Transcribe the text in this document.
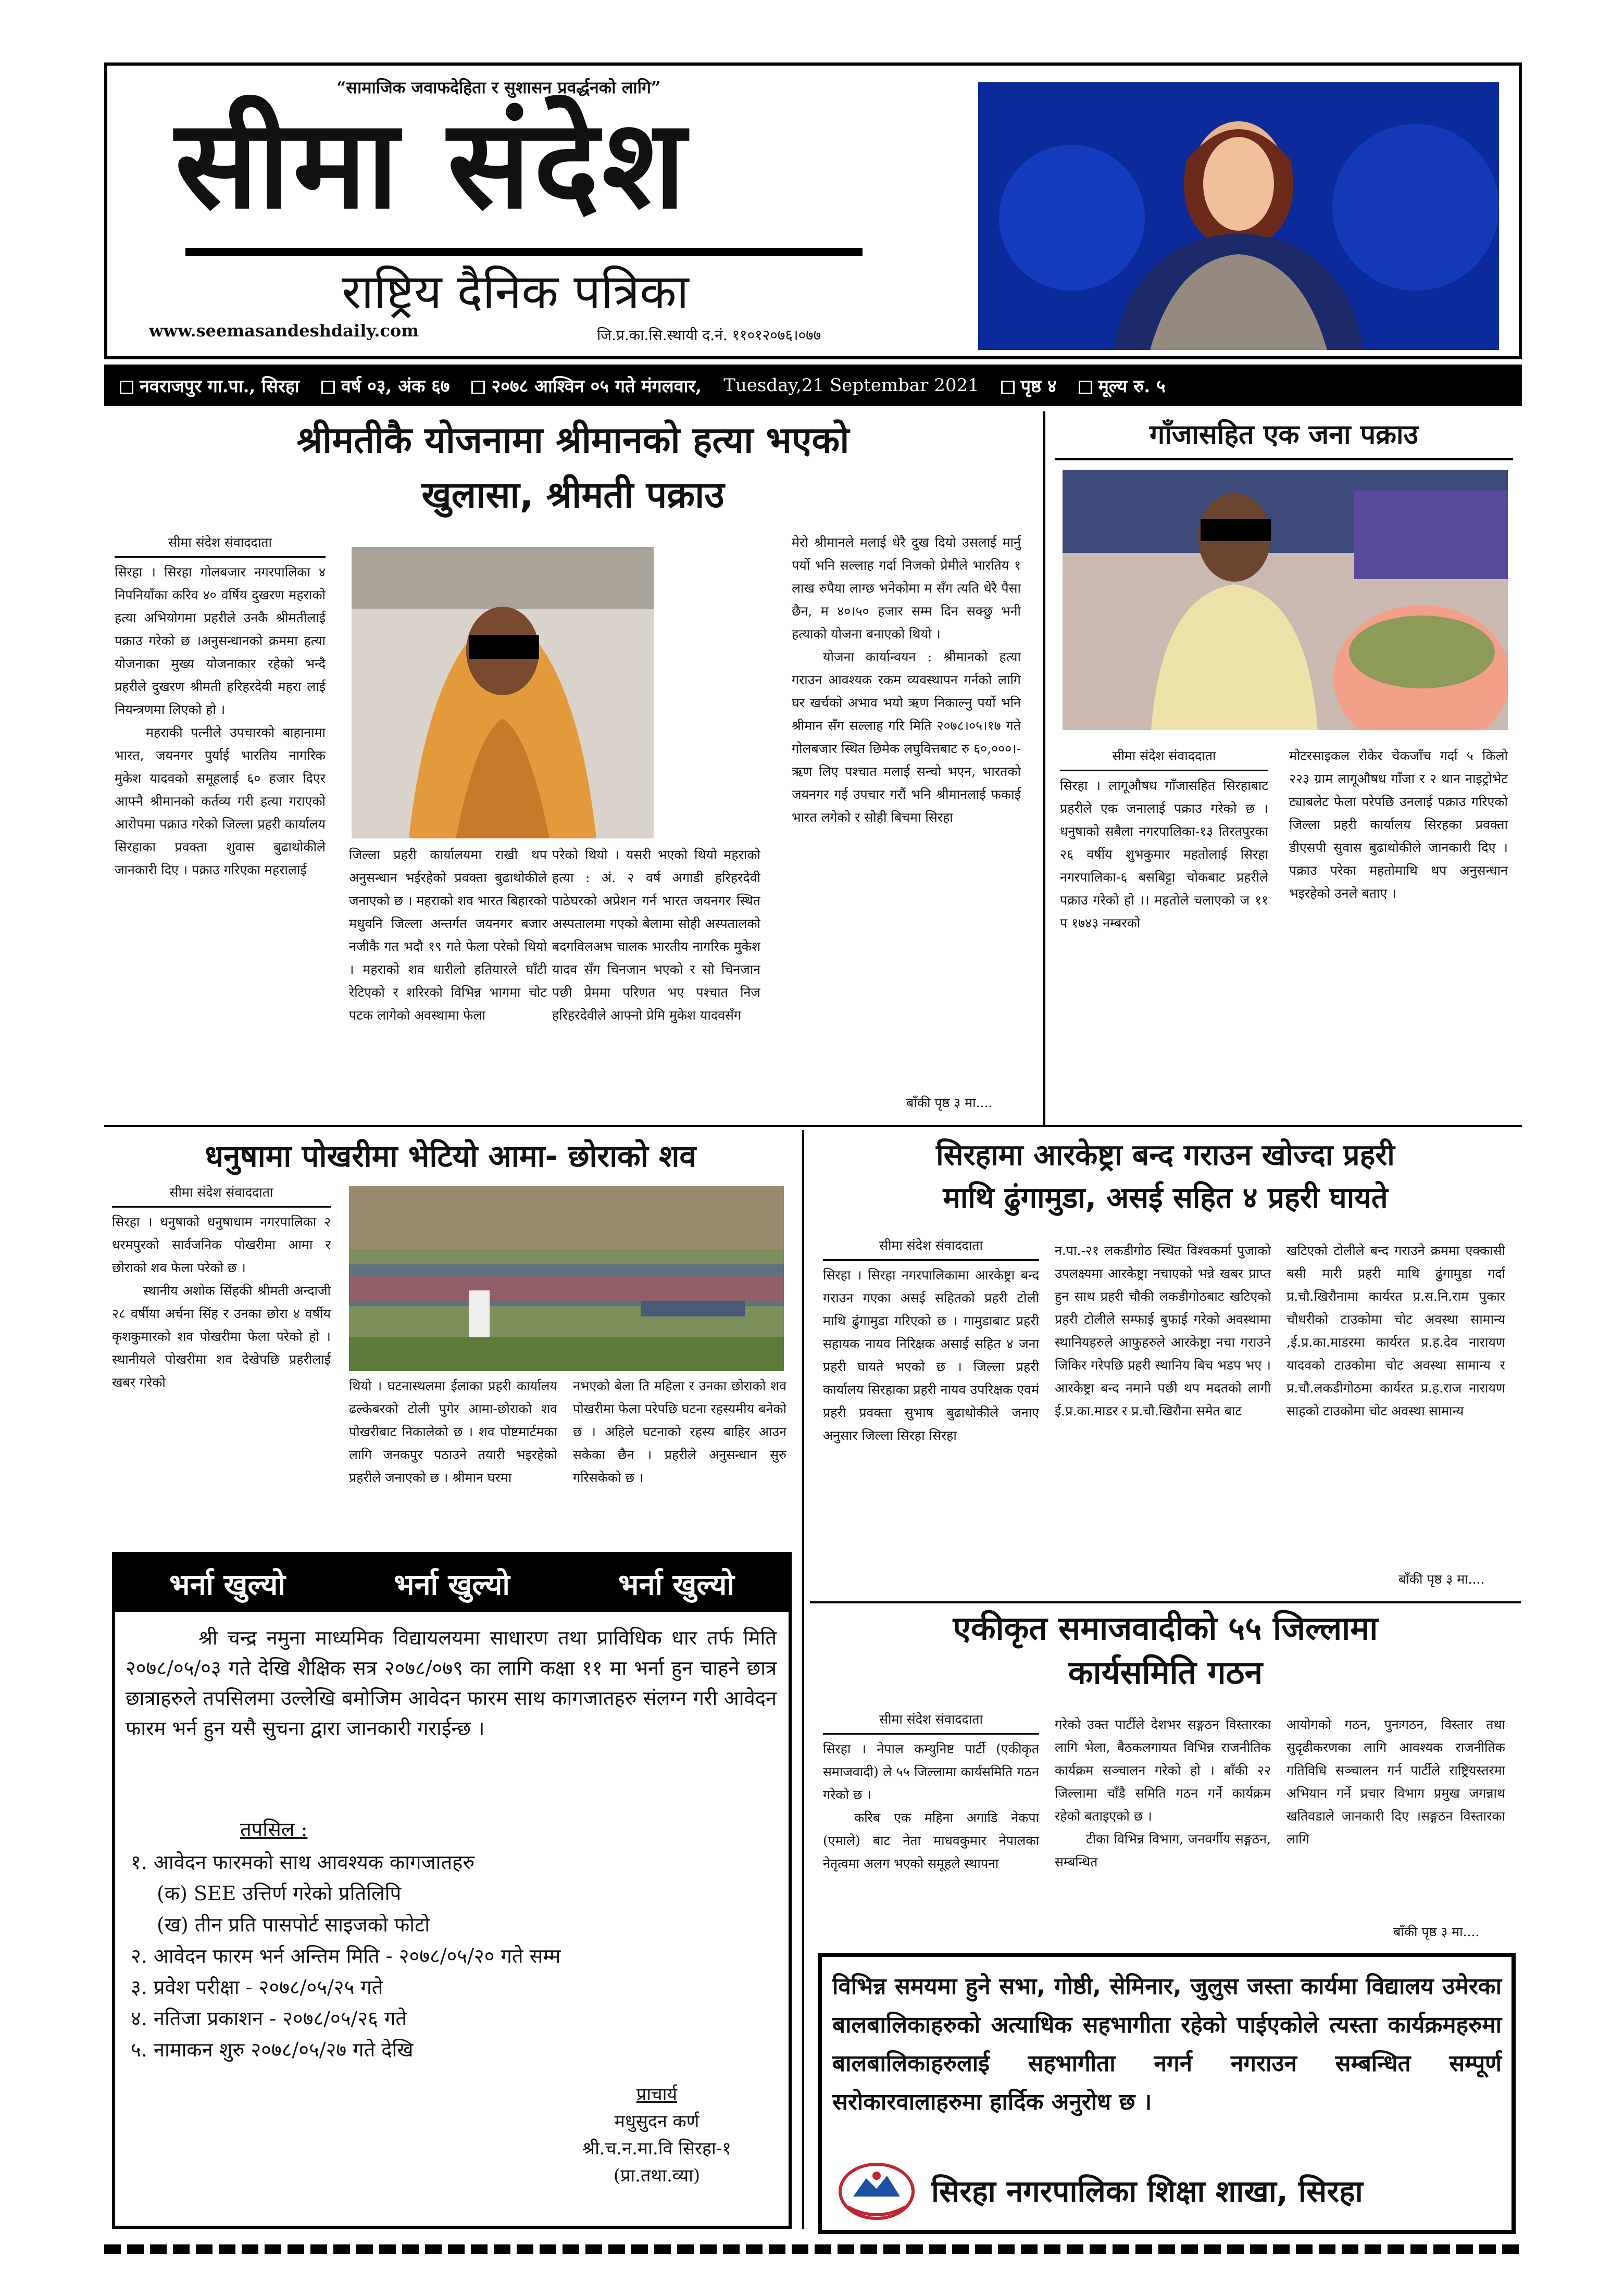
“सामाजिक जवाफदेहिता र सुशासन प्रवर्द्धनको लागि”
सीमा संदेश
राष्ट्रिय दैनिक पत्रिका
www.seemasandeshdaily.com	जि.प्र.का.सि.स्थायी द.नं. ११०१२०७६।०७७
नवराजपुर गा.पा., सिरहा	वर्ष ०३, अंक ६७	२०७८ आश्विन ०५ गते मंगलवार, Tuesday,21 Septembar 2021	पृष्ठ ४	मूल्य रु. ५
श्रीमतीकै योजनामा श्रीमानको हत्या भएको
खुलासा, श्रीमती पक्राउ
सीमा संदेश संवाददाता

सिरहा । सिरहा गोलबजार नगरपालिका ४ निपनियाँका करिव ४० वर्षिय दुखरण महराको हत्या अभियोगमा प्रहरीले उनकै श्रीमतीलाई पक्राउ गरेको छ ।अनुसन्धानको क्रममा हत्या योजनाका मुख्य योजनाकार रहेको भन्दै प्रहरीले दुखरण श्रीमती हरिहरदेवी महरा लाई नियन्त्रणमा लिएको हो ।

महराकी पत्नीले उपचारको बाहानामा भारत, जयनगर पुर्याई भारतिय नागरिक मुकेश यादवको समूहलाई ६० हजार दिएर आफ्नै श्रीमानको कर्तव्य गरी हत्या गराएको आरोपमा पक्राउ गरेको जिल्ला प्रहरी कार्यालय सिरहाका प्रवक्ता शुवास बुढाथोकीले जानकारी दिए । पक्राउ गरिएका महरालाई

जिल्ला प्रहरी कार्यालयमा राखी थप अनुसन्धान भईरहेको प्रवक्ता बुढाथोकीले जनाएको छ । महराको शव भारत बिहारको मधुवनि जिल्ला अन्तर्गत जयनगर बजार नजीकै गत भदौ १९ गते फेला परेको थियो । महराको शव धारीलो हतियारले घाँटी रेटिएको र शरिरको विभिन्न भागमा चोट पटक लागेको अवस्थामा फेला
परेको थियो । यसरी भएको थियो महराको हत्या : अं. २ वर्ष अगाडी हरिहरदेवी पाठेघरको अप्रेशन गर्न भारत जयनगर स्थित अस्पतालमा गएको बेलामा सोही अस्पतालको बदगविलअभ चालक भारतीय नागरिक मुकेश यादव सँग चिनजान भएको र सो चिनजान पछी प्रेममा परिणत भए पश्चात निज हरिहरदेवीले आफ्नो प्रेमि मुकेश यादवसँग

मेरो श्रीमानले मलाई धेरै दुख दियो उसलाई मार्नु पर्यो भनि सल्लाह गर्दा निजको प्रेमीले भारतिय १ लाख रुपैया लाग्छ भनेकोमा म सँग त्यति धेरै पैसा छैन, म ४०।५० हजार सम्म दिन सक्छु भनी हत्याको योजना बनाएको थियो ।

योजना कार्यान्वयन : श्रीमानको हत्या गराउन आवश्यक रकम व्यवस्थापन गर्नको लागि घर खर्चको अभाव भयो ऋण निकाल्नु पर्यो भनि श्रीमान सँग सल्लाह गरि मिति २०७८।०५।१७ गते गोलबजार स्थित छिमेक लघुवित्तबाट रु ६०,०००।- ऋण लिए पश्चात मलाई सन्चो भएन, भारतको जयनगर गई उपचार गरौं भनि श्रीमानलाई फकाई भारत लगेको र सोही बिचमा सिरहा

बाँकी पृष्ठ ३ मा....
गाँजासहित एक जना पक्राउ
सीमा संदेश संवाददाता

सिरहा । लागूऔषध गाँजासहित सिरहाबाट प्रहरीले एक जनालाई पक्राउ गरेको छ । धनुषाको सबैला नगरपालिका-१३ तिरतपुरका २६ वर्षीय शुभकुमार महतोलाई सिरहा नगरपालिका-६ बसबिट्टा चोकबाट प्रहरीले पक्राउ गरेको हो ।। महतोले चलाएको ज ११ प १७४३ नम्बरको

मोटरसाइकल रोकेर चेकजाँच गर्दा ५ किलो २२३ ग्राम लागूऔषध गाँजा र २ थान नाइट्रोभेट ट्याबलेट फेला परेपछि उनलाई पक्राउ गरिएको जिल्ला प्रहरी कार्यालय सिरहका प्रवक्ता डीएसपी सुवास बुढाथोकीले जानकारी दिए । पक्राउ परेका महतोमाथि थप अनुसन्धान भइरहेको उनले बताए ।
धनुषामा पोखरीमा भेटियो आमा- छोराको शव
सीमा संदेश संवाददाता

सिरहा । धनुषाको धनुषाधाम नगरपालिका २ धरमपुरको सार्वजनिक पोखरीमा आमा र छोराको शव फेला परेको छ ।

स्थानीय अशोक सिंहकी श्रीमती अन्दाजी २८ वर्षीया अर्चना सिंह र उनका छोरा ४ वर्षीय कृशकुमारको शव पोखरीमा फेला परेको हो । स्थानीयले पोखरीमा शव देखेपछि प्रहरीलाई खबर गरेको	थियो । घटनास्थलमा ईलाका प्रहरी कार्यालय ढल्केबरको टोली पुगेर आमा-छोराको शव पोखरीबाट निकालेको छ । शव पोष्टमार्टमका लागि जनकपुर पठाउने तयारी भइरहेको प्रहरीले जनाएको छ । श्रीमान घरमा
नभएको बेला ति महिला र उनका छोराको शव पोखरीमा फेला परेपछि घटना रहस्यमीय बनेको छ । अहिले घटनाको रहस्य बाहिर आउन सकेका छैन । प्रहरीले अनुसन्धान सुरु गरिसकेको छ ।
सिरहामा आरकेष्ट्रा बन्द गराउन खोज्दा प्रहरी
माथि ढुंगामुडा, असई सहित ४ प्रहरी घायते
सीमा संदेश संवाददाता

सिरहा । सिरहा नगरपालिकामा आरकेष्ट्रा बन्द गराउन गएका असई सहितको प्रहरी टोली माथि ढुंगामुडा गरिएको छ । गामुडाबाट प्रहरी सहायक नायव निरिक्षक असाई सहित ४ जना प्रहरी घायते भएको छ । जिल्ला प्रहरी कार्यालय सिरहाका प्रहरी नायव उपरिक्षक एवमं प्रहरी प्रवक्ता सुभाष बुढाथोकीले जनाए अनुसार जिल्ला सिरहा सिरहा

न.पा.-२१ लकडीगोठ स्थित विश्वकर्मा पुजाको उपलक्ष्यमा आरकेष्ट्रा नचाएको भन्ने खबर प्राप्त हुन साथ प्रहरी चौकी लकडीगोठबाट खटिएको प्रहरी टोलीले सम्फाई बुफाई गरेको अवस्थामा स्थानियहरुले आफुहरुले आरकेष्ट्रा नचा गराउने जिकिर गरेपछि प्रहरी स्थानिय बिच भडप भए । आरकेष्ट्रा बन्द नमाने पछी थप मदतको लागी ई.प्र.का.माडर र प्र.चौ.खिरौना समेत बाट
खटिएको टोलीले बन्द गराउने क्रममा एक्कासी बसी मारी प्रहरी माथि ढुंगामुडा गर्दा प्र.चौ.खिरौनामा कार्यरत प्र.स.नि.राम पुकार चौधरीको टाउकोमा चोट अवस्था सामान्य ,ई.प्र.का.माडरमा कार्यरत प्र.ह.देव नारायण यादवको टाउकोमा चोट अवस्था सामान्य र प्र.चौ.लकडीगोठमा कार्यरत प्र.ह.राज नारायण साहको टाउकोमा चोट अवस्था सामान्य
बाँकी पृष्ठ ३ मा....
भर्ना खुल्यो	भर्ना खुल्यो	भर्ना खुल्यो
श्री चन्द्र नमुना माध्यमिक विद्यायलयमा साधारण तथा प्राविधिक धार तर्फ मिति २०७८/०५/०३ गते देखि शैक्षिक सत्र २०७८/०७९ का लागि कक्षा ११ मा भर्ना हुन चाहने छात्र छात्राहरुले तपसिलमा उल्लेखि बमोजिम आवेदन फारम साथ कागजातहरु संलग्न गरी आवेदन फारम भर्न हुन यसै सुचना द्वारा जानकारी गराईन्छ ।
तपसिल :

१. आवेदन फारमको साथ आवश्यक कागजातहरु

(क) SEE उत्तिर्ण गरेको प्रतिलिपि

(ख) तीन प्रति पासपोर्ट साइजको फोटो

२. आवेदन फारम भर्न अन्तिम मिति - २०७८/०५/२० गते सम्म

३. प्रवेश परीक्षा - २०७८/०५/२५ गते

४. नतिजा प्रकाशन - २०७८/०५/२६ गते

५. नामाकन शुरु २०७८/०५/२७ गते देखि

प्राचार्य
मधुसुदन कर्ण
श्री.च.न.मा.वि सिरहा-१
(प्रा.तथा.व्या)
एकीकृत समाजवादीको ५५ जिल्लामा
कार्यसमिति गठन
सीमा संदेश संवाददाता

सिरहा । नेपाल कम्युनिष्ट पार्टी (एकीकृत समाजवादी) ले ५५ जिल्लामा कार्यसमिति गठन गरेको छ ।

करिब एक महिना अगाडि नेकपा (एमाले) बाट नेता माधवकुमार नेपालका नेतृत्वमा अलग भएको समूहले स्थापना

गरेको उक्त पार्टीले देशभर सङ्गठन विस्तारका लागि भेला, बैठकलगायत विभिन्न राजनीतिक कार्यक्रम सञ्चालन गरेको हो । बाँकी २२ जिल्लामा चाँडै समिति गठन गर्ने कार्यक्रम रहेको बताइएको छ ।

टीका विभिन्न विभाग, जनवर्गीय सङ्गठन, सम्बन्धित

आयोगको गठन, पुनःगठन, विस्तार तथा सुदृढीकरणका लागि आवश्यक राजनीतिक गतिविधि सञ्चालन गर्न पार्टीले राष्ट्रियस्तरमा अभियान गर्ने प्रचार विभाग प्रमुख जगन्नाथ खतिवडाले जानकारी दिए ।सङ्गठन विस्तारका लागि
बाँकी पृष्ठ ३ मा....
विभिन्न समयमा हुने सभा, गोष्ठी, सेमिनार, जुलुस जस्ता कार्यमा विद्यालय उमेरका बालबालिकाहरुको अत्याधिक सहभागीता रहेको पाईएकोले त्यस्ता कार्यक्रमहरुमा बालबालिकाहरुलाई सहभागीता नगर्न नगराउन सम्बन्धित सम्पूर्ण सरोकारवालाहरुमा हार्दिक अनुरोध छ ।
सिरहा नगरपालिका शिक्षा शाखा, सिरहा
